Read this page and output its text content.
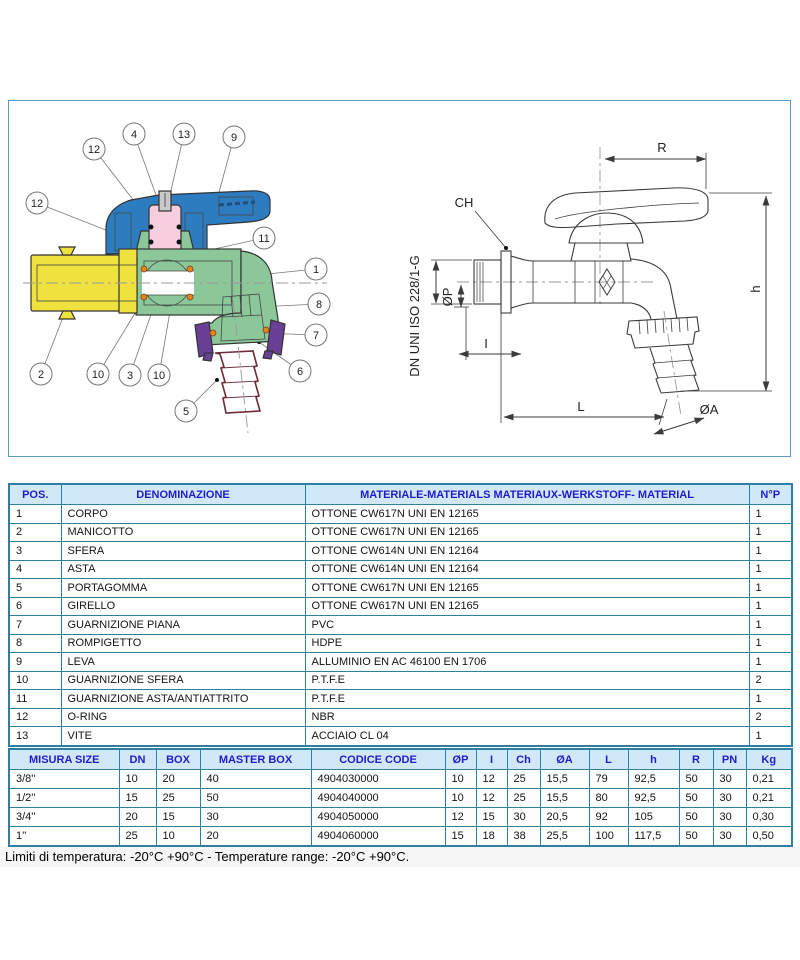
12
4	13	9
12
11
1
8
7
6
2	10 3 10
5
R
CH
I
L	ØA
h
ØP
DN UNI ISO 228/1-G
POS.	DENOMINAZIONE	MATERIALE-MATERIALS MATERIAUX-WERKSTOFF- MATERIAL	N°P
1	CORPO	OTTONE CW617N UNI EN 12165	1
2	MANICOTTO	OTTONE CW617N UNI EN 12165	1
3	SFERA	OTTONE CW614N UNI EN 12164	1
4	ASTA	OTTONE CW614N UNI EN 12164	1
5	PORTAGOMMA	OTTONE CW617N UNI EN 12165	1
6	GIRELLO	OTTONE CW617N UNI EN 12165	1
7	GUARNIZIONE PIANA	PVC	1
8	ROMPIGETTO	HDPE	1
9	LEVA	ALLUMINIO EN AC 46100 EN 1706	1
10	GUARNIZIONE SFERA	P.T.F.E	2
11	GUARNIZIONE ASTA/ANTIATTRITO	P.T.F.E	1
12	O-RING	NBR	2
13	VITE	ACCIAIO CL 04	1
MISURA SIZE	DN	BOX	MASTER BOX	CODICE CODE	ØP	I	Ch	ØA	L	h	R	PN	Kg
3/8''	10	20	40	4904030000	10	12	25	15,5	79	92,5	50	30	0,21
1/2''	15	25	50	4904040000	10	12	25	15,5	80	92,5	50	30	0,21
3/4''	20	15	30	4904050000	12	15	30	20,5	92	105	50	30	0,30
1''	25	10	20	4904060000	15	18	38	25,5	100	117,5	50	30	0,50
Limiti di temperatura: -20°C +90°C - Temperature range: -20°C +90°C.
